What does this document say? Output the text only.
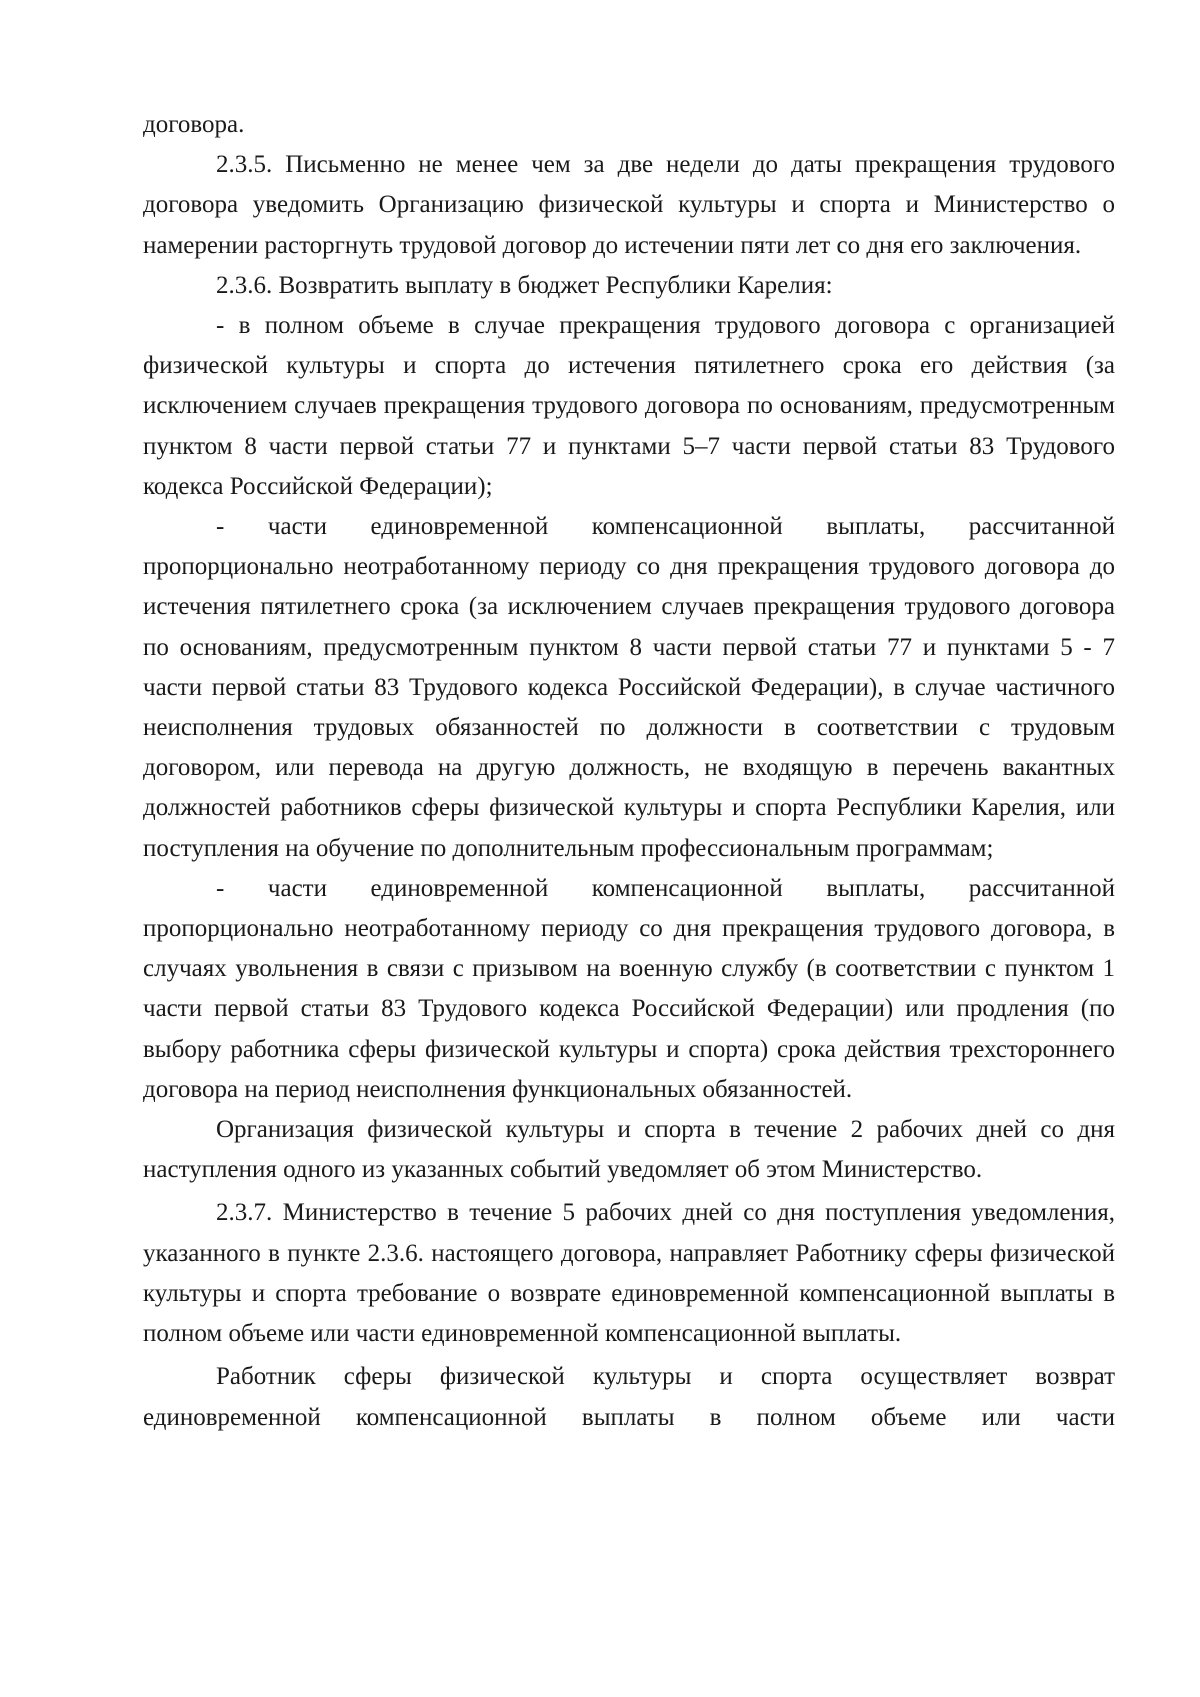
договора.

2.3.5. Письменно не менее чем за две недели до даты прекращения трудового договора уведомить Организацию физической культуры и спорта и Министерство о намерении расторгнуть трудовой договор до истечении пяти лет со дня его заключения.

2.3.6. Возвратить выплату в бюджет Республики Карелия:

- в полном объеме в случае прекращения трудового договора с организацией физической культуры и спорта до истечения пятилетнего срока его действия (за исключением случаев прекращения трудового договора по основаниям, предусмотренным пунктом 8 части первой статьи 77 и пунктами 5–7 части первой статьи 83 Трудового кодекса Российской Федерации);

- части единовременной компенсационной выплаты, рассчитанной пропорционально неотработанному периоду со дня прекращения трудового договора до истечения пятилетнего срока (за исключением случаев прекращения трудового договора по основаниям, предусмотренным пунктом 8 части первой статьи 77 и пунктами 5 - 7 части первой статьи 83 Трудового кодекса Российской Федерации), в случае частичного неисполнения трудовых обязанностей по должности в соответствии с трудовым договором, или перевода на другую должность, не входящую в перечень вакантных должностей работников сферы физической культуры и спорта Республики Карелия, или поступления на обучение по дополнительным профессиональным программам;

- части единовременной компенсационной выплаты, рассчитанной пропорционально неотработанному периоду со дня прекращения трудового договора, в случаях увольнения в связи с призывом на военную службу (в соответствии с пунктом 1 части первой статьи 83 Трудового кодекса Российской Федерации) или продления (по выбору работника сферы физической культуры и спорта) срока действия трехстороннего договора на период неисполнения функциональных обязанностей.

Организация физической культуры и спорта в течение 2 рабочих дней со дня наступления одного из указанных событий уведомляет об этом Министерство.

2.3.7. Министерство в течение 5 рабочих дней со дня поступления уведомления, указанного в пункте 2.3.6. настоящего договора, направляет Работнику сферы физической культуры и спорта требование о возврате единовременной компенсационной выплаты в полном объеме или части единовременной компенсационной выплаты.

Работник сферы физической культуры и спорта осуществляет возврат единовременной компенсационной выплаты в полном объеме или части
